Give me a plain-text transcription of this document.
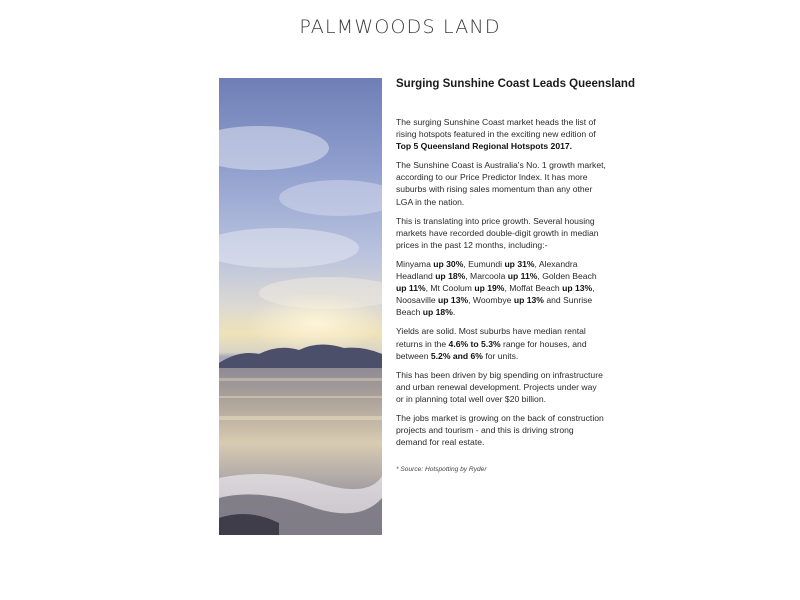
PALMWOODS LAND
Surging Sunshine Coast Leads Queensland

The surging Sunshine Coast market heads the list of rising hotspots featured in the exciting new edition of Top 5 Queensland Regional Hotspots 2017.

The Sunshine Coast is Australia's No. 1 growth market, according to our Price Predictor Index. It has more suburbs with rising sales momentum than any other LGA in the nation.

This is translating into price growth. Several housing markets have recorded double-digit growth in median prices in the past 12 months, including:-

Minyama up 30%, Eumundi up 31%, Alexandra Headland up 18%, Marcoola up 11%, Golden Beach up 11%, Mt Coolum up 19%, Moffat Beach up 13%, Noosaville up 13%, Woombye up 13% and Sunrise Beach up 18%.

Yields are solid. Most suburbs have median rental returns in the 4.6% to 5.3% range for houses, and between 5.2% and 6% for units.

This has been driven by big spending on infrastructure and urban renewal development. Projects under way or in planning total well over $20 billion.

The jobs market is growing on the back of construction projects and tourism - and this is driving strong demand for real estate.

* Source: Hotspotting by Ryder
